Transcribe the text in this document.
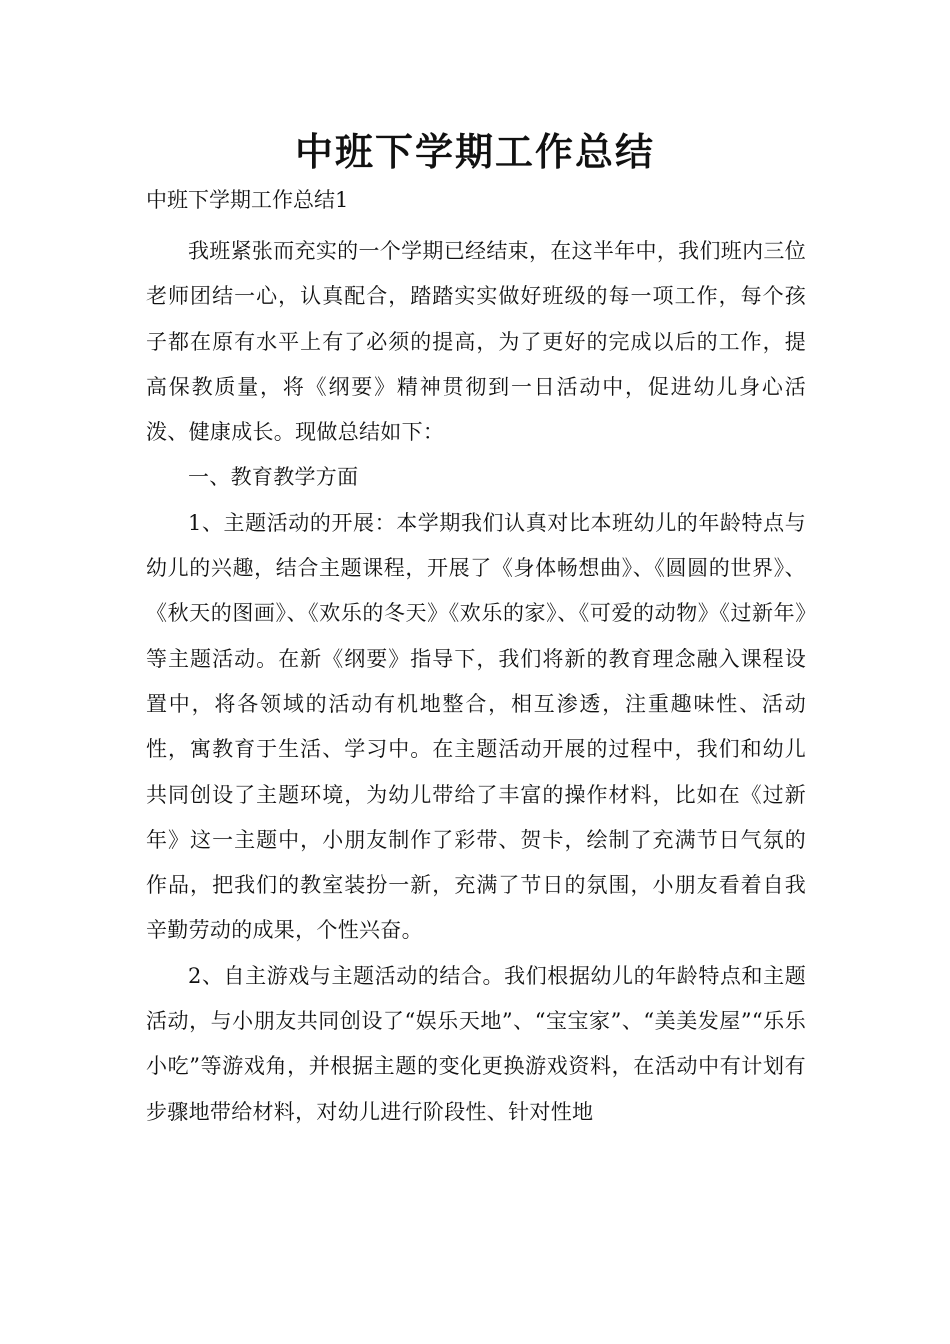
中班下学期工作总结

中班下学期工作总结1

我班紧张而充实的一个学期已经结束，在这半年中，我们班内三位老师团结一心，认真配合，踏踏实实做好班级的每一项工作，每个孩子都在原有水平上有了必须的提高，为了更好的完成以后的工作，提高保教质量，将《纲要》精神贯彻到一日活动中，促进幼儿身心活泼、健康成长。现做总结如下：

一、教育教学方面

1、主题活动的开展：本学期我们认真对比本班幼儿的年龄特点与幼儿的兴趣，结合主题课程，开展了《身体畅想曲》、《圆圆的世界》、《秋天的图画》、《欢乐的冬天》《欢乐的家》、《可爱的动物》《过新年》等主题活动。在新《纲要》指导下，我们将新的教育理念融入课程设置中，将各领域的活动有机地整合，相互渗透，注重趣味性、活动性，寓教育于生活、学习中。在主题活动开展的过程中，我们和幼儿共同创设了主题环境，为幼儿带给了丰富的操作材料，比如在《过新年》这一主题中，小朋友制作了彩带、贺卡，绘制了充满节日气氛的作品，把我们的教室装扮一新，充满了节日的氛围，小朋友看着自我辛勤劳动的成果，个性兴奋。

2、自主游戏与主题活动的结合。我们根据幼儿的年龄特点和主题活动，与小朋友共同创设了“娱乐天地”、“宝宝家”、“美美发屋”“乐乐小吃”等游戏角，并根据主题的变化更换游戏资料，在活动中有计划有步骤地带给材料，对幼儿进行阶段性、针对性地
